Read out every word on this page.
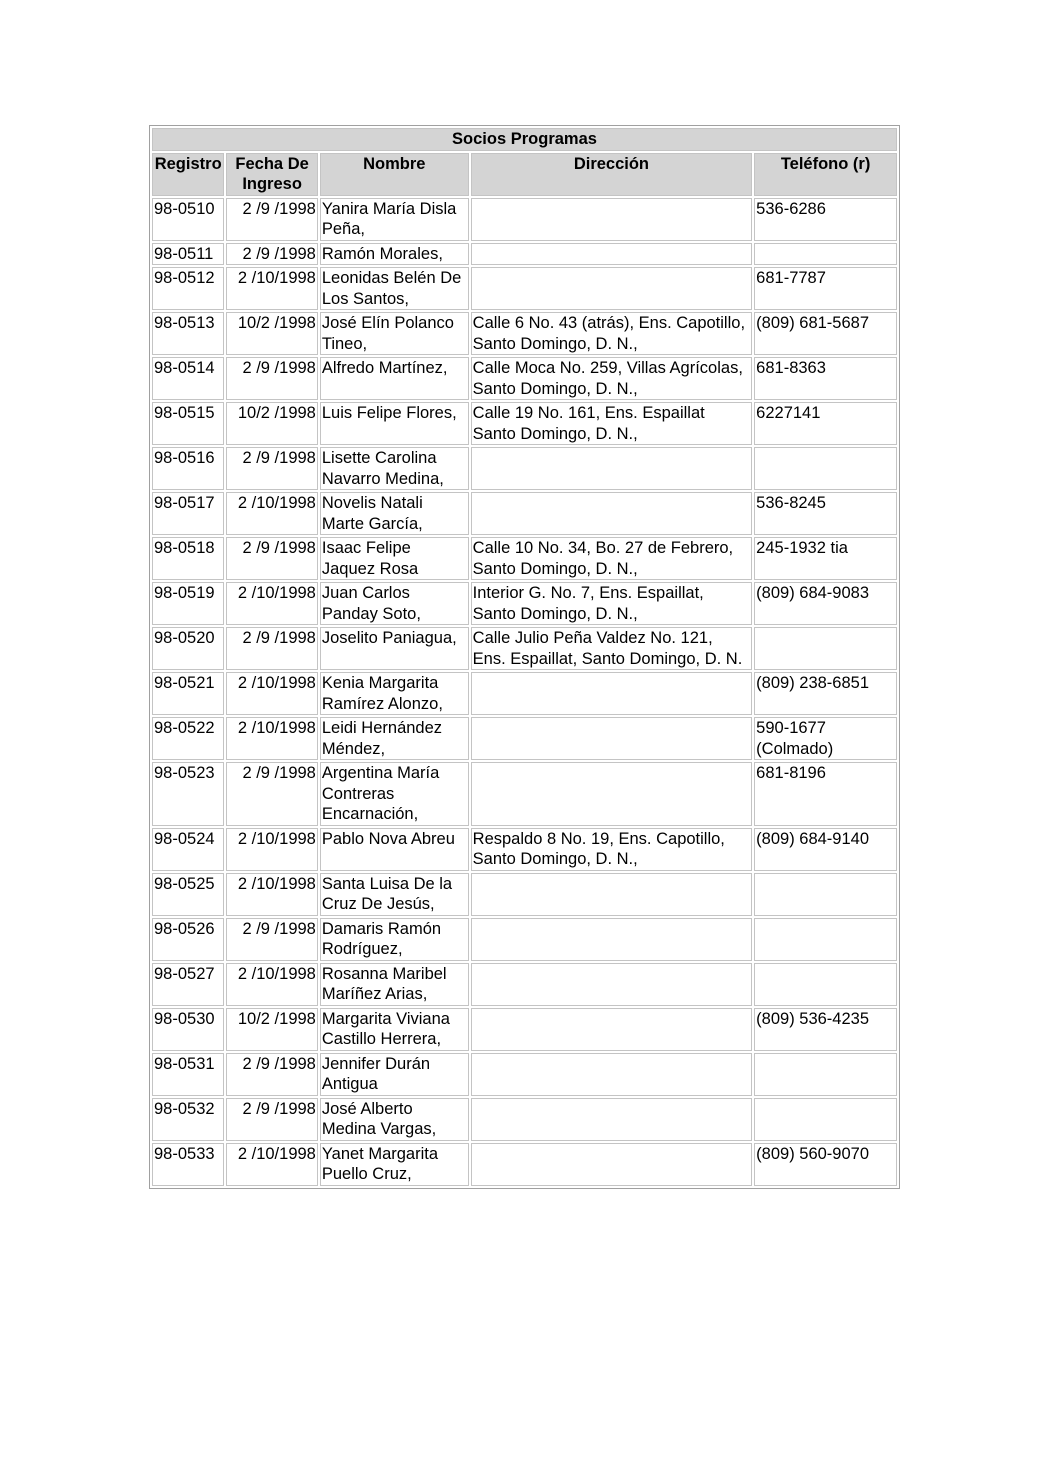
Socios Programas				
Registro	Fecha De Ingreso	Nombre	Dirección	Teléfono (r)
98-0510	2 /9 /1998	Yanira María Disla Peña,		536-6286
98-0511	2 /9 /1998	Ramón Morales,		
98-0512	2 /10/1998	Leonidas Belén De Los Santos,		681-7787
98-0513	10/2 /1998	José Elín Polanco Tineo,	Calle 6 No. 43 (atrás), Ens. Capotillo, Santo Domingo, D. N.,	(809) 681-5687
98-0514	2 /9 /1998	Alfredo Martínez,	Calle Moca No. 259, Villas Agrícolas, Santo Domingo, D. N.,	681-8363
98-0515	10/2 /1998	Luis Felipe Flores,	Calle 19 No. 161, Ens. Espaillat Santo Domingo, D. N.,	6227141
98-0516	2 /9 /1998	Lisette Carolina Navarro Medina,		
98-0517	2 /10/1998	Novelis Natali Marte García,		536-8245
98-0518	2 /9 /1998	Isaac Felipe Jaquez Rosa	Calle 10 No. 34, Bo. 27 de Febrero, Santo Domingo, D. N.,	245-1932 tia
98-0519	2 /10/1998	Juan Carlos Panday Soto,	Interior G. No. 7, Ens. Espaillat, Santo Domingo, D. N.,	(809) 684-9083
98-0520	2 /9 /1998	Joselito Paniagua,	Calle Julio Peña Valdez No. 121, Ens. Espaillat, Santo Domingo, D. N.	
98-0521	2 /10/1998	Kenia Margarita Ramírez Alonzo,		(809) 238-6851
98-0522	2 /10/1998	Leidi Hernández Méndez,		590-1677 (Colmado)
98-0523	2 /9 /1998	Argentina María Contreras Encarnación,		681-8196
98-0524	2 /10/1998	Pablo Nova Abreu	Respaldo 8 No. 19, Ens. Capotillo, Santo Domingo, D. N.,	(809) 684-9140
98-0525	2 /10/1998	Santa Luisa De la Cruz De Jesús,		
98-0526	2 /9 /1998	Damaris Ramón Rodríguez,		
98-0527	2 /10/1998	Rosanna Maribel Maríñez Arias,		
98-0530	10/2 /1998	Margarita Viviana Castillo Herrera,		(809) 536-4235
98-0531	2 /9 /1998	Jennifer Durán Antigua		
98-0532	2 /9 /1998	José Alberto Medina Vargas,		
98-0533	2 /10/1998	Yanet Margarita Puello Cruz,		(809) 560-9070
